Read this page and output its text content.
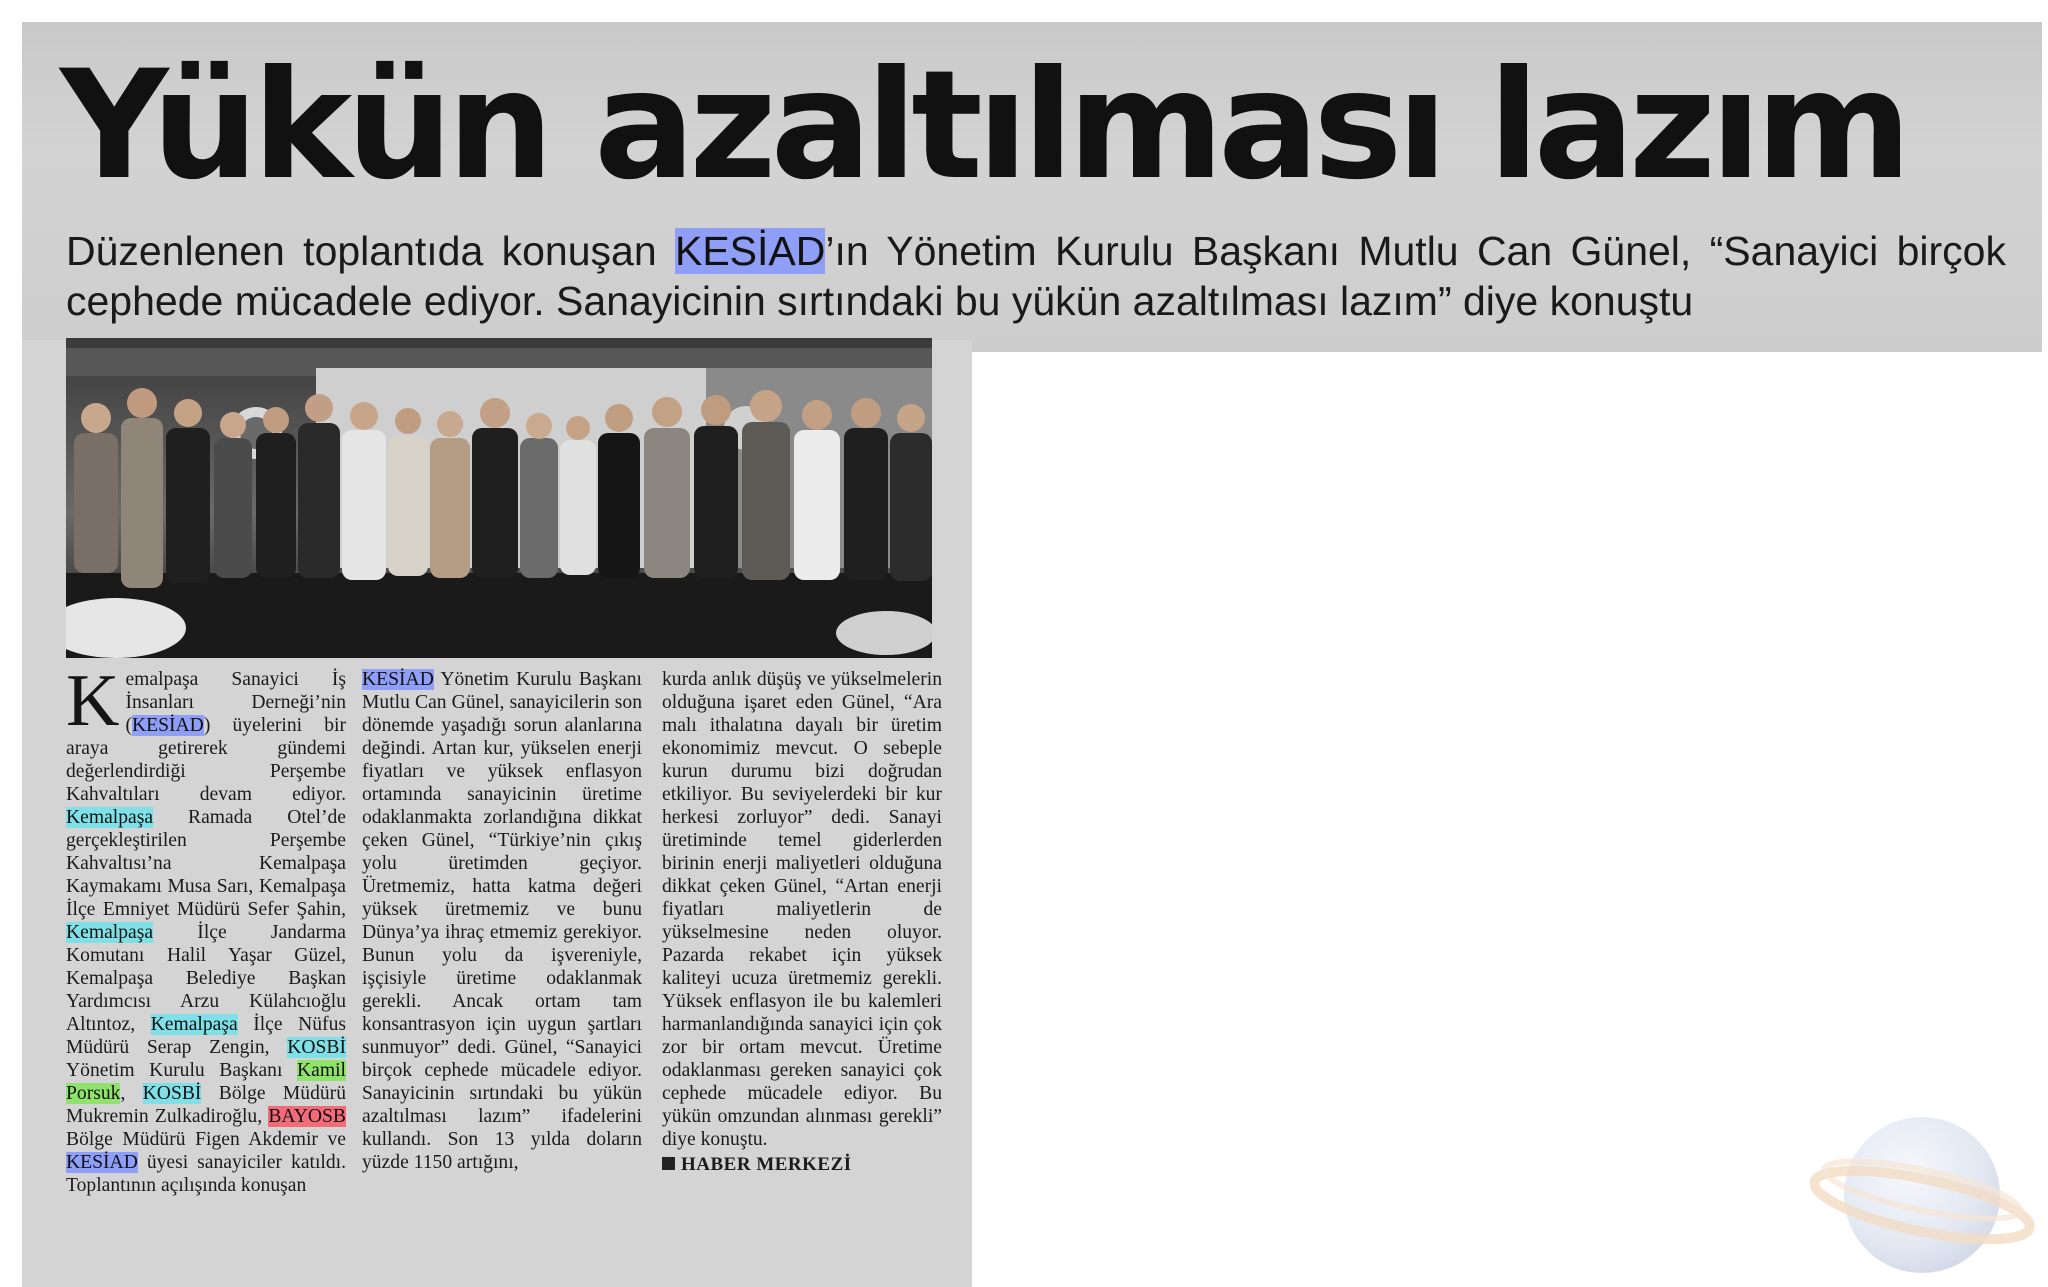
Yükün azaltılması lazım
Düzenlenen toplantıda konuşan KESİAD’ın Yönetim Kurulu Başkanı Mutlu Can Günel, “Sanayici birçok cephede mücadele ediyor. Sanayicinin sırtındaki bu yükün azaltılması lazım” diye konuştu

Kemalpaşa Sanayici İş İnsanları Derneği’nin (KESİAD) üyelerini bir araya getirerek gündemi değerlendirdiği Perşembe Kahvaltıları devam ediyor. Kemalpaşa Ramada Otel’de gerçekleştirilen Perşembe Kahvaltısı’na Kemalpaşa Kaymakamı Musa Sarı, Kemalpaşa İlçe Emniyet Müdürü Sefer Şahin, Kemalpaşa İlçe Jandarma Komutanı Halil Yaşar Güzel, Kemalpaşa Belediye Başkan Yardımcısı Arzu Külahcıoğlu Altıntoz, Kemalpaşa İlçe Nüfus Müdürü Serap Zengin, KOSBİ Yönetim Kurulu Başkanı Kamil Porsuk, KOSBİ Bölge Müdürü Mukremin Zulkadiroğlu, BAYOSB Bölge Müdürü Figen Akdemir ve KESİAD üyesi sanayiciler katıldı. Toplantının açılışında konuşan

KESİAD Yönetim Kurulu Başkanı Mutlu Can Günel, sanayicilerin son dönemde yaşadığı sorun alanlarına değindi. Artan kur, yükselen enerji fiyatları ve yüksek enflasyon ortamında sanayicinin üretime odaklanmakta zorlandığına dikkat çeken Günel, “Türkiye’nin çıkış yolu üretimden geçiyor. Üretmemiz, hatta katma değeri yüksek üretmemiz ve bunu Dünya’ya ihraç etmemiz gerekiyor. Bunun yolu da işvereniyle, işçisiyle üretime odaklanmak gerekli. Ancak ortam tam konsantrasyon için uygun şartları sunmuyor” dedi. Günel, “Sanayici birçok cephede mücadele ediyor. Sanayicinin sırtındaki bu yükün azaltılması lazım” ifadelerini kullandı. Son 13 yılda doların yüzde 1150 artığını,

kurda anlık düşüş ve yükselmelerin olduğuna işaret eden Günel, “Ara malı ithalatına dayalı bir üretim ekonomimiz mevcut. O sebeple kurun durumu bizi doğrudan etkiliyor. Bu seviyelerdeki bir kur herkesi zorluyor” dedi. Sanayi üretiminde temel giderlerden birinin enerji maliyetleri olduğuna dikkat çeken Günel, “Artan enerji fiyatları maliyetlerin de yükselmesine neden oluyor. Pazarda rekabet için yüksek kaliteyi ucuza üretmemiz gerekli. Yüksek enflasyon ile bu kalemleri harmanlandığında sanayici için çok zor bir ortam mevcut. Üretime odaklanması gereken sanayici çok cephede mücadele ediyor. Bu yükün omzundan alınması gerekli” diye konuştu.

HABER MERKEZİ
